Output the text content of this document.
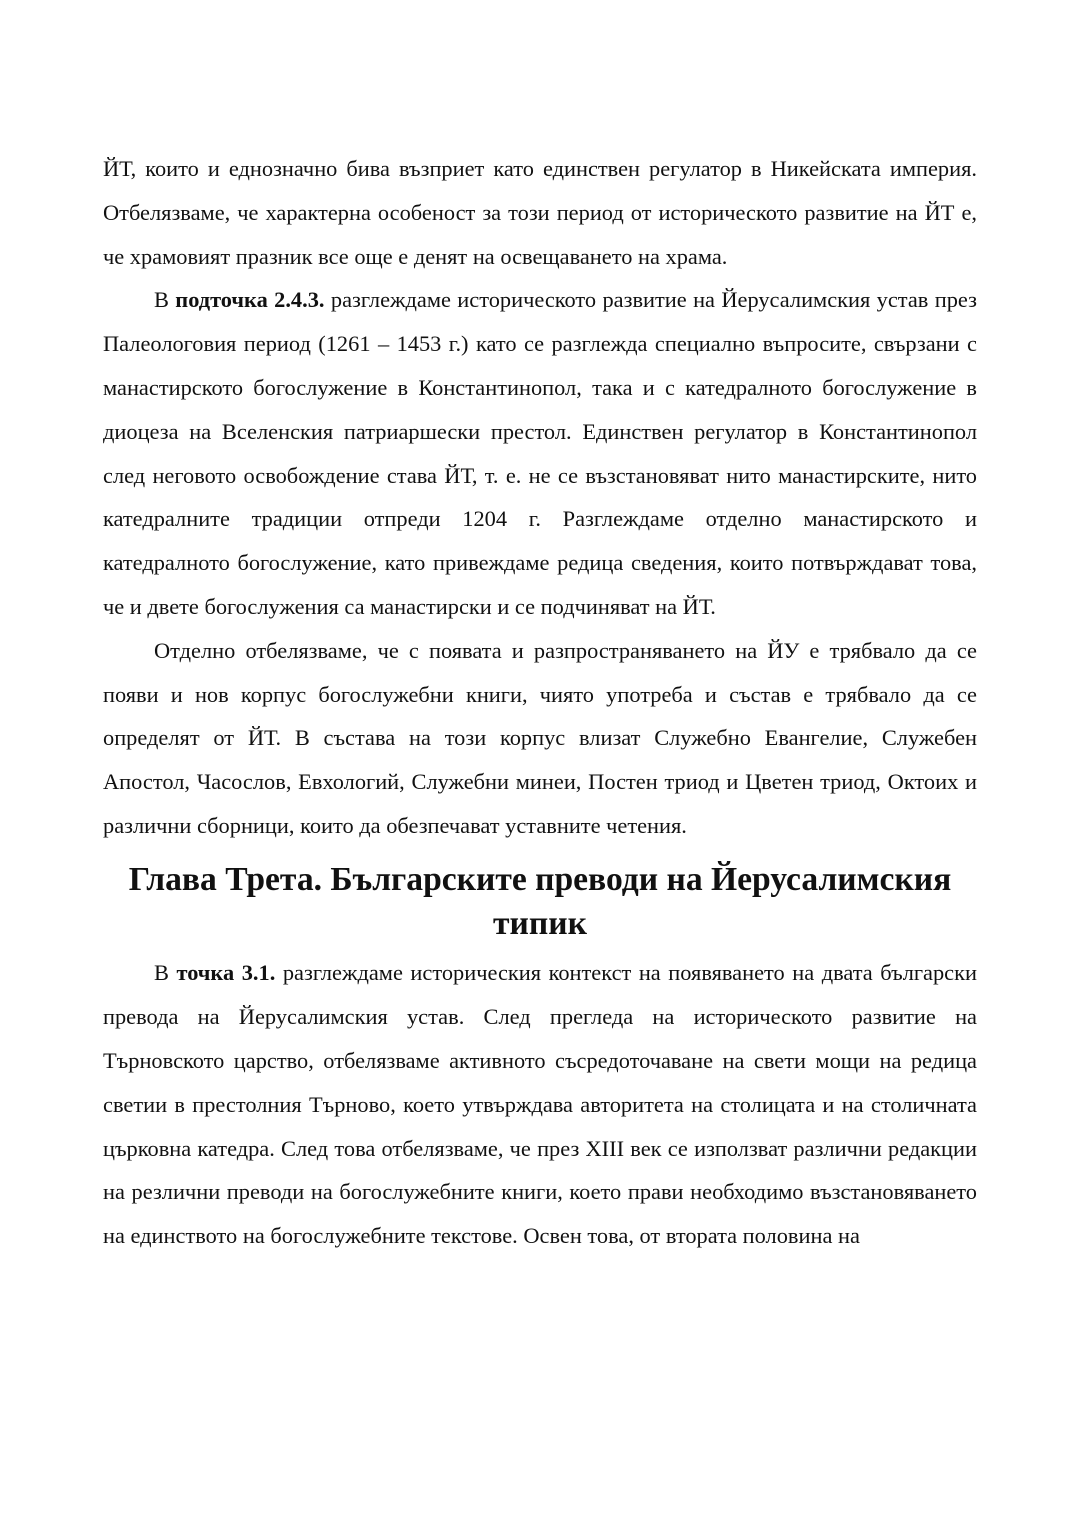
ЙТ, които и еднозначно бива възприет като единствен регулатор в Никейската империя. Отбелязваме, че характерна особеност за този период от историческото развитие на ЙТ е, че храмовият празник все още е денят на освещаването на храма.

В подточка 2.4.3. разглеждаме историческото развитие на Йерусалимския устав през Палеологовия период (1261 – 1453 г.) като се разглежда специално въпросите, свързани с манастирското богослужение в Константинопол, така и с катедралното богослужение в диоцеза на Вселенския патриаршески престол. Единствен регулатор в Константинопол след неговото освобождение става ЙТ, т. е. не се възстановяват нито манастирските, нито катедралните традиции отпреди 1204 г. Разглеждаме отделно манастирското и катедралното богослужение, като привеждаме редица сведения, които потвърждават това, че и двете богослужения са манастирски и се подчиняват на ЙТ.

Отделно отбелязваме, че с появата и разпространяването на ЙУ е трябвало да се появи и нов корпус богослужебни книги, чиято употреба и състав е трябвало да се определят от ЙТ. В състава на този корпус влизат Служебно Евангелие, Служебен Апостол, Часослов, Евхологий, Служебни минеи, Постен триод и Цветен триод, Октоих и различни сборници, които да обезпечават уставните четения.

Глава Трета. Българските преводи на Йерусалимския типик

В точка 3.1. разглеждаме историческия контекст на появяването на двата български превода на Йерусалимския устав. След прегледа на историческото развитие на Търновското царство, отбелязваме активното съсредоточаване на свети мощи на редица светии в престолния Търново, което утвърждава авторитета на столицата и на столичната църковна катедра. След това отбелязваме, че през XIII век се използват различни редакции на резлични преводи на богослужебните книги, което прави необходимо възстановяването на единството на богослужебните текстове. Освен това, от втората половина на
